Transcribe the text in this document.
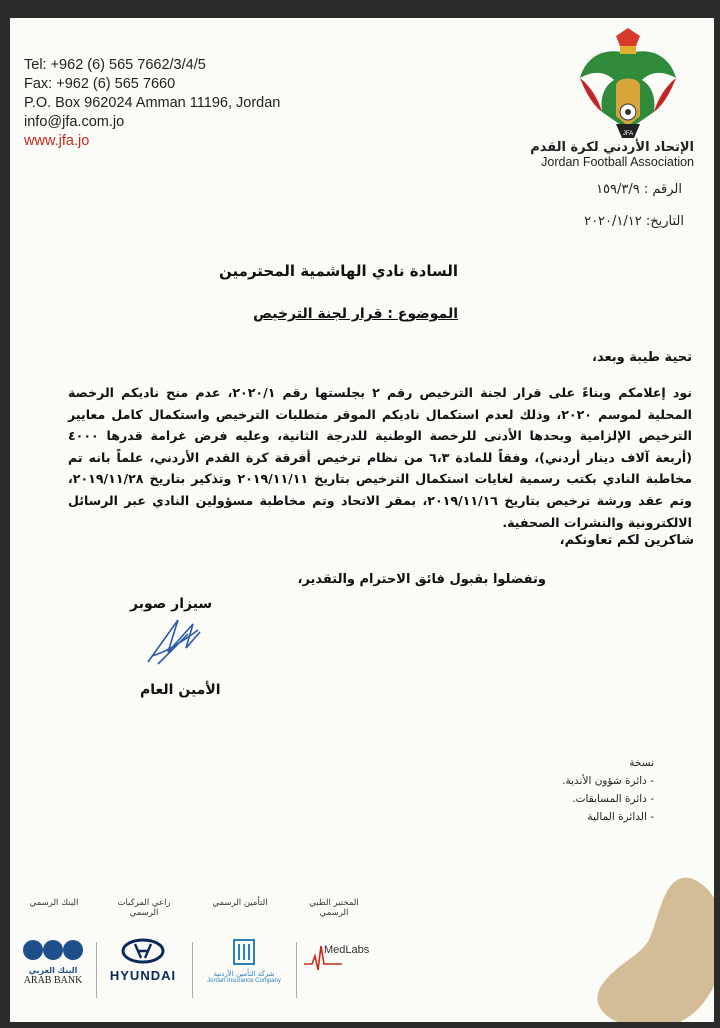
Tel: +962 (6) 565 7662/3/4/5
Fax: +962 (6) 565 7660
P.O. Box 962024 Amman 11196, Jordan
info@jfa.com.jo
www.jfa.jo	JFA
الإتحاد الأردني لكرة القدم
Jordan Football Association
الرقم : ١٥٩/٣/٩
التاريخ: ٢٠٢٠/١/١٢
السادة نادي الهاشمية المحترمين
الموضوع : قرار لجنة الترخيص
تحية طيبة وبعد،

نود إعلامكم وبناءً على قرار لجنة الترخيص رقم ٢ بجلستها رقم ٢٠٢٠/١، عدم منح ناديكم الرخصة المحلية لموسم ٢٠٢٠، وذلك لعدم استكمال ناديكم الموقر متطلبات الترخيص واستكمال كامل معايير الترخيص الإلزامية وبحدها الأدنى للرخصة الوطنية للدرجة الثانية، وعليه فرض غرامة قدرها ٤٠٠٠ (أربعة آلاف دينار أردني)، وفقاً للمادة ٦،٣ من نظام ترخيص أفرقة كرة القدم الأردني، علماً بانه تم مخاطبة النادي بكتب رسمية لغايات استكمال الترخيص بتاريخ ٢٠١٩/١١/١١ وتذكير بتاريخ ٢٠١٩/١١/٢٨، وتم عقد ورشة ترخيص بتاريخ ٢٠١٩/١١/١٦، بمقر الاتحاد وتم مخاطبة مسؤولين النادي عبر الرسائل الالكترونية والنشرات الصحفية.

شاكرين لكم تعاونكم،
وتفضلوا بقبول فائق الاحترام والتقدير،
سيزار صوبر
الأمين العام
نسخة
- دائرة شؤون الأندية.
- دائرة المسابقات.
- الدائرة المالية
البنك الرسمي	راعي المركبات الرسمي
التأمين الرسمي	المختبر الطبي الرسمي
البنك العربي
ARAB BANK	HYUNDAI	شركة التأمين الأردنية
Jordan Insurance Company
MedLabs
